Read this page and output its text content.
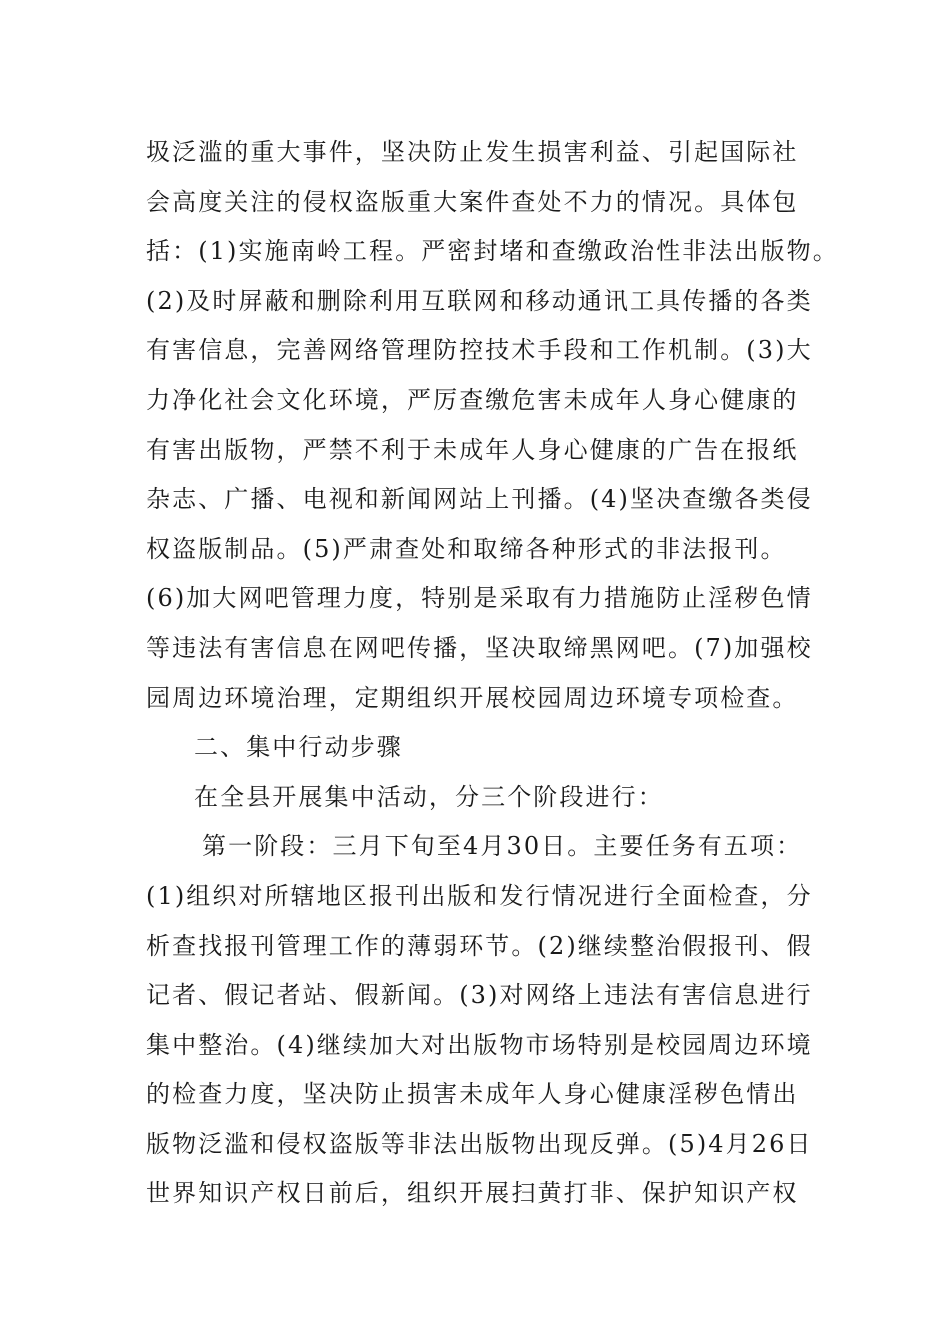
圾泛滥的重大事件，坚决防止发生损害利益、引起国际社
会高度关注的侵权盗版重大案件查处不力的情况。具体包
括：(1)实施南岭工程。严密封堵和查缴政治性非法出版物。
(2)及时屏蔽和删除利用互联网和移动通讯工具传播的各类
有害信息，完善网络管理防控技术手段和工作机制。(3)大
力净化社会文化环境，严厉查缴危害未成年人身心健康的
有害出版物，严禁不利于未成年人身心健康的广告在报纸
杂志、广播、电视和新闻网站上刊播。(4)坚决查缴各类侵
权盗版制品。(5)严肃查处和取缔各种形式的非法报刊。
(6)加大网吧管理力度，特别是采取有力措施防止淫秽色情
等违法有害信息在网吧传播，坚决取缔黑网吧。(7)加强校
园周边环境治理，定期组织开展校园周边环境专项检查。
二、集中行动步骤
在全县开展集中活动，分三个阶段进行：
第一阶段：三月下旬至4月30日。主要任务有五项：
(1)组织对所辖地区报刊出版和发行情况进行全面检查，分
析查找报刊管理工作的薄弱环节。(2)继续整治假报刊、假
记者、假记者站、假新闻。(3)对网络上违法有害信息进行
集中整治。(4)继续加大对出版物市场特别是校园周边环境
的检查力度，坚决防止损害未成年人身心健康淫秽色情出
版物泛滥和侵权盗版等非法出版物出现反弹。(5)4月26日
世界知识产权日前后，组织开展扫黄打非、保护知识产权
